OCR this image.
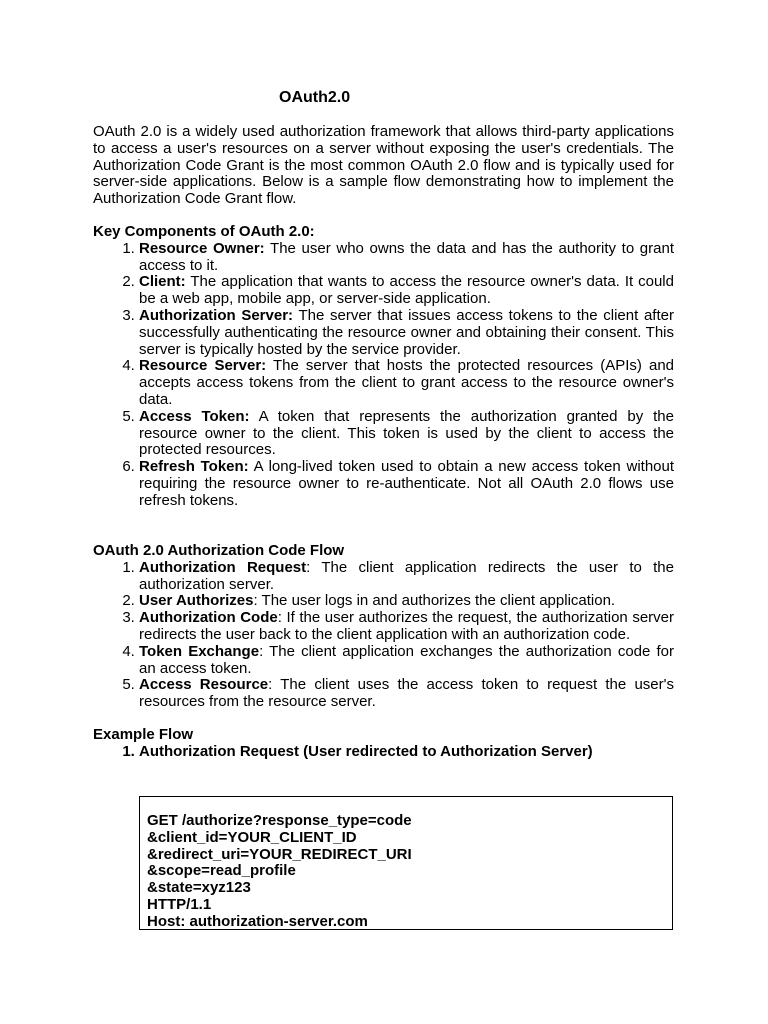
OAuth2.0

OAuth 2.0 is a widely used authorization framework that allows third-party applications to access a user's resources on a server without exposing the user's credentials. The Authorization Code Grant is the most common OAuth 2.0 flow and is typically used for server-side applications. Below is a sample flow demonstrating how to implement the Authorization Code Grant flow.

Key Components of OAuth 2.0:

1. Resource Owner: The user who owns the data and has the authority to grant access to it.
2. Client: The application that wants to access the resource owner's data. It could be a web app, mobile app, or server-side application.
3. Authorization Server: The server that issues access tokens to the client after successfully authenticating the resource owner and obtaining their consent. This server is typically hosted by the service provider.
4. Resource Server: The server that hosts the protected resources (APIs) and accepts access tokens from the client to grant access to the resource owner's data.
5. Access Token: A token that represents the authorization granted by the resource owner to the client. This token is used by the client to access the protected resources.
6. Refresh Token: A long-lived token used to obtain a new access token without requiring the resource owner to re-authenticate. Not all OAuth 2.0 flows use refresh tokens.

OAuth 2.0 Authorization Code Flow

1. Authorization Request: The client application redirects the user to the authorization server.
2. User Authorizes: The user logs in and authorizes the client application.
3. Authorization Code: If the user authorizes the request, the authorization server redirects the user back to the client application with an authorization code.
4. Token Exchange: The client application exchanges the authorization code for an access token.
5. Access Resource: The client uses the access token to request the user's resources from the resource server.

Example Flow

1. Authorization Request (User redirected to Authorization Server)
GET /authorize?response_type=code
&client_id=YOUR_CLIENT_ID
&redirect_uri=YOUR_REDIRECT_URI
&scope=read_profile
&state=xyz123
HTTP/1.1
Host: authorization-server.com
